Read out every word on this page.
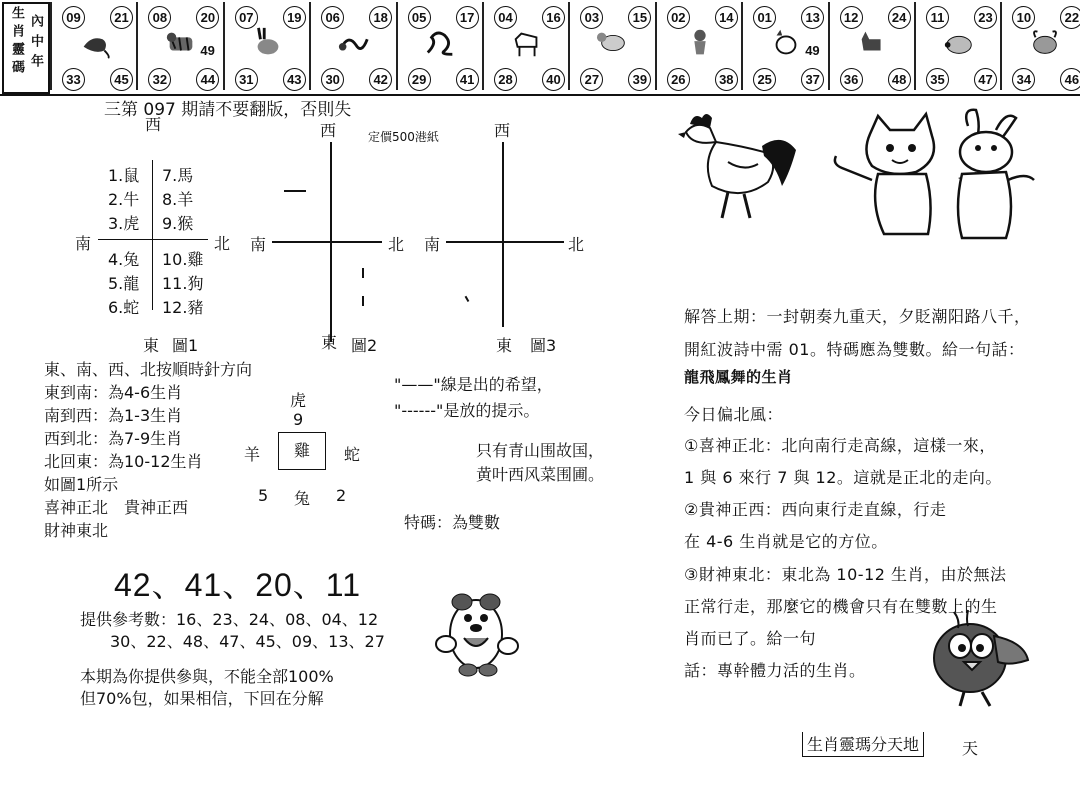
生
肖
靈
碼
內
中
年
09	21
33	45
08	20
32	44
49
07	19
31	43
06	18
30	42
05	17
29	41
04	16
28	40
03	15
27	39
02	14
26	38
01	13
25	37
49
12	24
36	48
11	23
35	47
10	22
34	46
三第 097 期請不要翻版，否則失
定價500港紙
1.鼠
2.牛
3.虎
4.兔
5.龍
6.蛇
7.馬
8.羊
9.猴
10.雞
11.狗
12.豬
南	北
西
東 圖1
西
南	北
東 圖2
西
南	北
東 圖3
東、南、西、北按順時針方向
東到南：為4-6生肖
南到西：為1-3生肖
西到北：為7-9生肖
北回東：為10-12生肖
如圖1所示
喜神正北　貴神正西
財神東北
"——"線是出的希望，
"------"是放的提示。
虎
9
羊	雞	蛇
5 兔 2
只有青山围故国，
黄叶西风菜围圃。
特碼：為雙數
42、41、20、11
提供參考數：16、23、24、08、04、12
30、22、48、47、45、09、13、27
本期為你提供參與，不能全部100%
但70%包，如果相信，下回在分解
解答上期：一封朝奏九重天，夕貶潮阳路八千，
開紅波詩中需 01。特碼應為雙數。給一句話：
龍飛鳳舞的生肖
今日偏北風：
①喜神正北：北向南行走高線，這樣一來，
1 與 6 來行 7 與 12。這就是正北的走向。
②貴神正西：西向東行走直線，行走
在 4-6 生肖就是它的方位。
③財神東北：東北為 10-12 生肖，由於無法
正常行走，那麼它的機會只有在雙數上的生
肖而已了。給一句
話：專幹體力活的生肖。
生肖靈瑪分天地	天
